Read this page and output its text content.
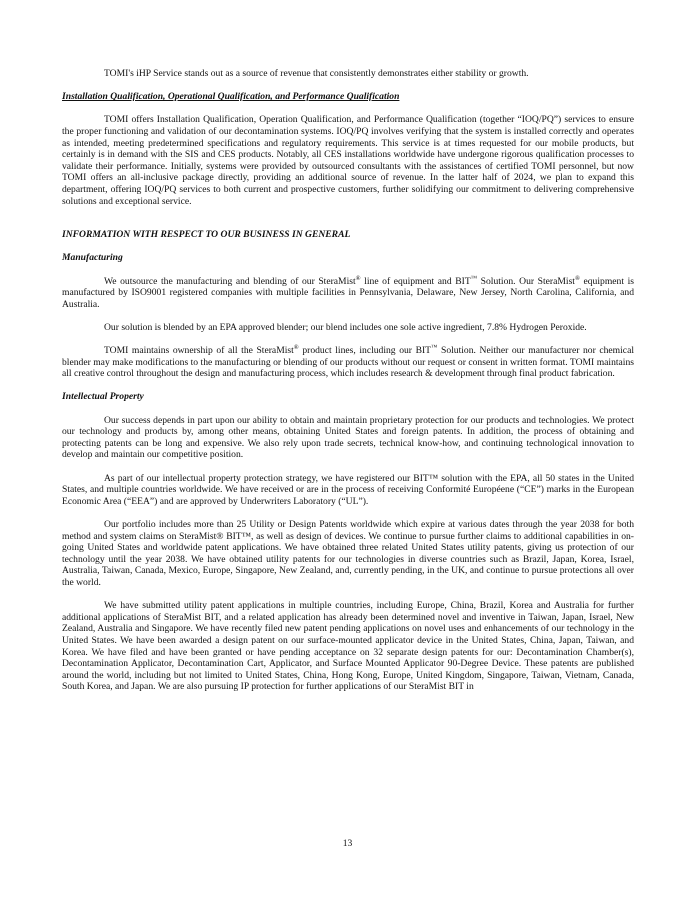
TOMI's iHP Service stands out as a source of revenue that consistently demonstrates either stability or growth.

Installation Qualification, Operational Qualification, and Performance Qualification

TOMI offers Installation Qualification, Operation Qualification, and Performance Qualification (together “IOQ/PQ”) services to ensure the proper functioning and validation of our decontamination systems. IOQ/PQ involves verifying that the system is installed correctly and operates as intended, meeting predetermined specifications and regulatory requirements. This service is at times requested for our mobile products, but certainly is in demand with the SIS and CES products. Notably, all CES installations worldwide have undergone rigorous qualification processes to validate their performance. Initially, systems were provided by outsourced consultants with the assistances of certified TOMI personnel, but now TOMI offers an all-inclusive package directly, providing an additional source of revenue. In the latter half of 2024, we plan to expand this department, offering IOQ/PQ services to both current and prospective customers, further solidifying our commitment to delivering comprehensive solutions and exceptional service.

INFORMATION WITH RESPECT TO OUR BUSINESS IN GENERAL
Manufacturing

We outsource the manufacturing and blending of our SteraMist® line of equipment and BIT™ Solution. Our SteraMist® equipment is manufactured by ISO9001 registered companies with multiple facilities in Pennsylvania, Delaware, New Jersey, North Carolina, California, and Australia.

Our solution is blended by an EPA approved blender; our blend includes one sole active ingredient, 7.8% Hydrogen Peroxide.

TOMI maintains ownership of all the SteraMist® product lines, including our BIT™ Solution. Neither our manufacturer nor chemical blender may make modifications to the manufacturing or blending of our products without our request or consent in written format. TOMI maintains all creative control throughout the design and manufacturing process, which includes research & development through final product fabrication.

Intellectual Property

Our success depends in part upon our ability to obtain and maintain proprietary protection for our products and technologies. We protect our technology and products by, among other means, obtaining United States and foreign patents. In addition, the process of obtaining and protecting patents can be long and expensive. We also rely upon trade secrets, technical know-how, and continuing technological innovation to develop and maintain our competitive position.

As part of our intellectual property protection strategy, we have registered our BIT™ solution with the EPA, all 50 states in the United States, and multiple countries worldwide. We have received or are in the process of receiving Conformité Européene (“CE”) marks in the European Economic Area (“EEA”) and are approved by Underwriters Laboratory (“UL”).

Our portfolio includes more than 25 Utility or Design Patents worldwide which expire at various dates through the year 2038 for both method and system claims on SteraMist® BIT™, as well as design of devices. We continue to pursue further claims to additional capabilities in on-going United States and worldwide patent applications. We have obtained three related United States utility patents, giving us protection of our technology until the year 2038. We have obtained utility patents for our technologies in diverse countries such as Brazil, Japan, Korea, Israel, Australia, Taiwan, Canada, Mexico, Europe, Singapore, New Zealand, and, currently pending, in the UK, and continue to pursue protections all over the world.

We have submitted utility patent applications in multiple countries, including Europe, China, Brazil, Korea and Australia for further additional applications of SteraMist BIT, and a related application has already been determined novel and inventive in Taiwan, Japan, Israel, New Zealand, Australia and Singapore. We have recently filed new patent pending applications on novel uses and enhancements of our technology in the United States. We have been awarded a design patent on our surface-mounted applicator device in the United States, China, Japan, Taiwan, and Korea. We have filed and have been granted or have pending acceptance on 32 separate design patents for our: Decontamination Chamber(s), Decontamination Applicator, Decontamination Cart, Applicator, and Surface Mounted Applicator 90-Degree Device. These patents are published around the world, including but not limited to United States, China, Hong Kong, Europe, United Kingdom, Singapore, Taiwan, Vietnam, Canada, South Korea, and Japan. We are also pursuing IP protection for further applications of our SteraMist BIT in

13
